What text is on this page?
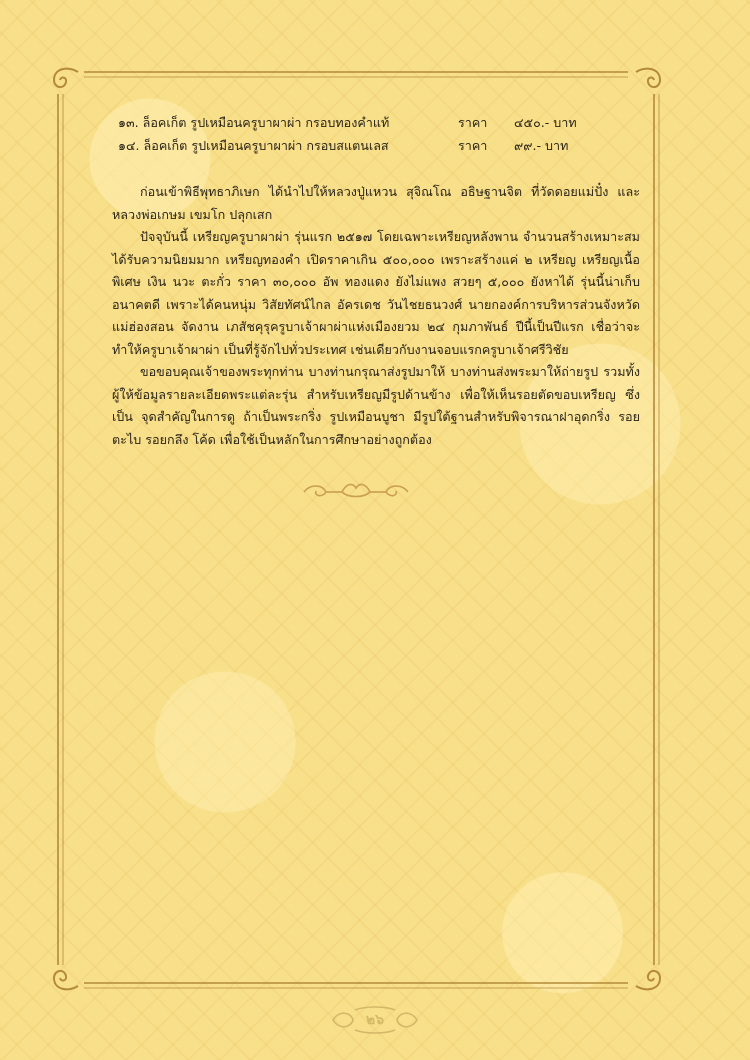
๑๓. ล็อคเก็ต รูปเหมือนครูบาผาผ่า กรอบทองคำแท้	ราคา	๔๕๐.- บาท
๑๔. ล็อคเก็ต รูปเหมือนครูบาผาผ่า กรอบสแตนเลส	ราคา	๙๙.- บาท

ก่อนเข้าพิธีพุทธาภิเษก ได้นำไปให้หลวงปู่แหวน สุจิณโณ อธิษฐานจิต ที่วัดดอยแม่ปั๋ง และหลวงพ่อเกษม เขมโก ปลุกเสก

ปัจจุบันนี้ เหรียญครูบาผาผ่า รุ่นแรก ๒๕๑๗ โดยเฉพาะเหรียญหลังพาน จำนวนสร้างเหมาะสม ได้รับความนิยมมาก เหรียญทองคำ เปิดราคาเกิน ๕๐๐,๐๐๐ เพราะสร้างแค่ ๒ เหรียญ เหรียญเนื้อพิเศษ เงิน นวะ ตะกั่ว ราคา ๓๐,๐๐๐ อัพ ทองแดง ยังไม่แพง สวยๆ ๕,๐๐๐ ยังหาได้ รุ่นนี้น่าเก็บ อนาคตดี เพราะได้คนหนุ่ม วิสัยทัศน์ไกล อัครเดช วันไชยธนวงศ์ นายกองค์การบริหารส่วนจังหวัดแม่ฮ่องสอน จัดงาน เภสัชคุรุครูบาเจ้าผาผ่าแห่งเมืองยวม ๒๔ กุมภาพันธ์ ปีนี้เป็นปีแรก เชื่อว่าจะทำให้ครูบาเจ้าผาผ่า เป็นที่รู้จักไปทั่วประเทศ เช่นเดียวกับงานจอบแรกครูบาเจ้าศรีวิชัย

ขอขอบคุณเจ้าของพระทุกท่าน บางท่านกรุณาส่งรูปมาให้ บางท่านส่งพระมาให้ถ่ายรูป รวมทั้ง ผู้ให้ข้อมูลรายละเอียดพระแต่ละรุ่น สำหรับเหรียญมีรูปด้านข้าง เพื่อให้เห็นรอยตัดขอบเหรียญ ซึ่งเป็น จุดสำคัญในการดู ถ้าเป็นพระกริ่ง รูปเหมือนบูชา มีรูปใต้ฐานสำหรับพิจารณาฝาอุดกริ่ง รอยตะไบ รอยกลึง โค้ด เพื่อใช้เป็นหลักในการศึกษาอย่างถูกต้อง

๒๖
